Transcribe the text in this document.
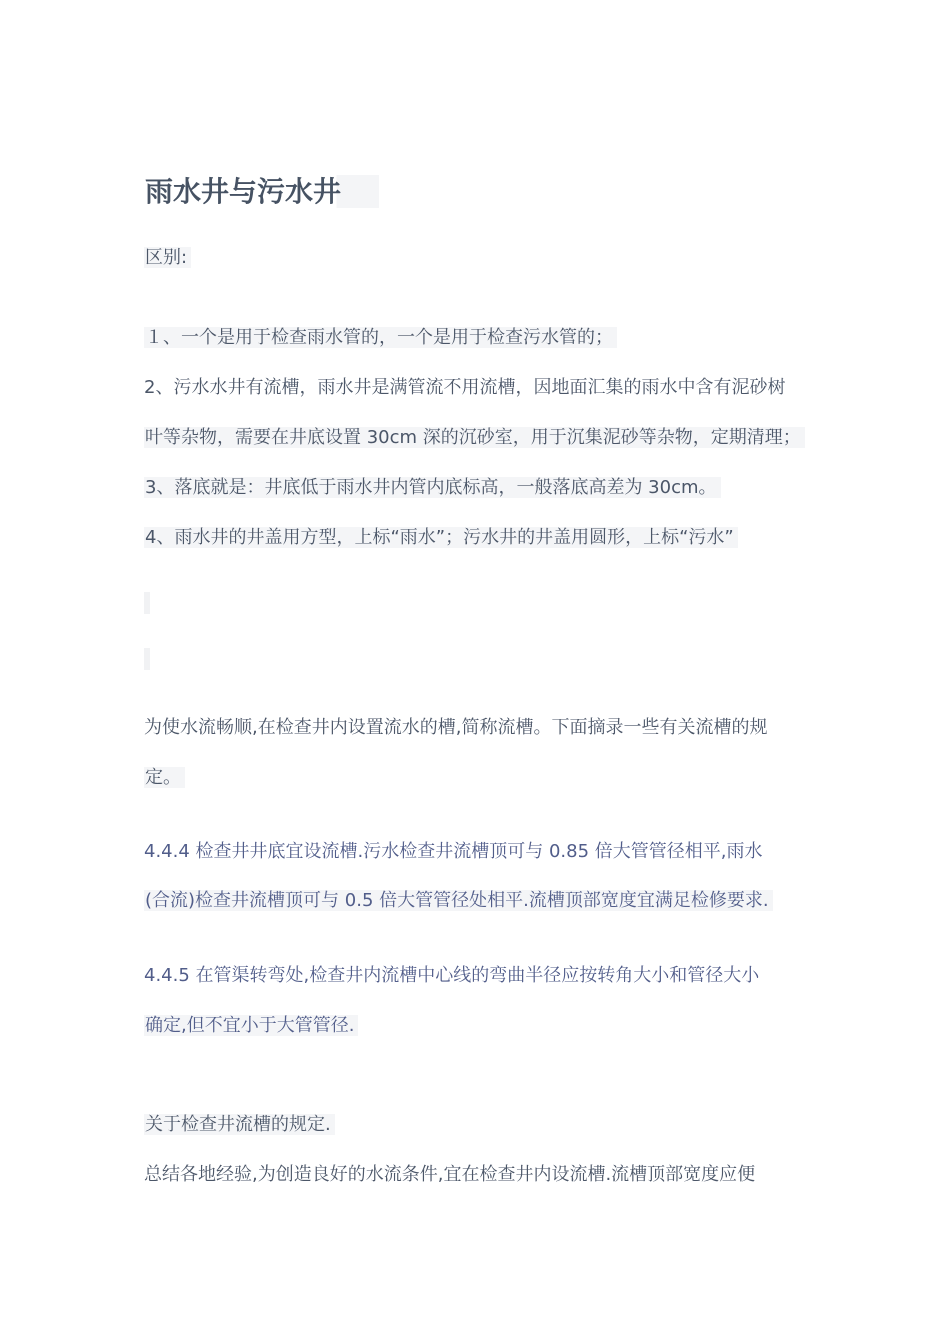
雨水井与污水井
区别:
１、一个是用于检查雨水管的，一个是用于检查污水管的；
2、污水水井有流槽，雨水井是满管流不用流槽，因地面汇集的雨水中含有泥砂树
叶等杂物，需要在井底设置 30cm 深的沉砂室，用于沉集泥砂等杂物，定期清理；
3、落底就是：井底低于雨水井内管内底标高，一般落底高差为 30cm。
4、雨水井的井盖用方型，上标“雨水”；污水井的井盖用圆形，上标“污水”
为使水流畅顺,在检查井内设置流水的槽,简称流槽。下面摘录一些有关流槽的规
定。
4.4.4 检查井井底宜设流槽.污水检查井流槽顶可与 0.85 倍大管管径相平,雨水
(合流)检查井流槽顶可与 0.5 倍大管管径处相平.流槽顶部宽度宜满足检修要求.
4.4.5 在管渠转弯处,检查井内流槽中心线的弯曲半径应按转角大小和管径大小
确定,但不宜小于大管管径.
关于检查井流槽的规定.
总结各地经验,为创造良好的水流条件,宜在检查井内设流槽.流槽顶部宽度应便
